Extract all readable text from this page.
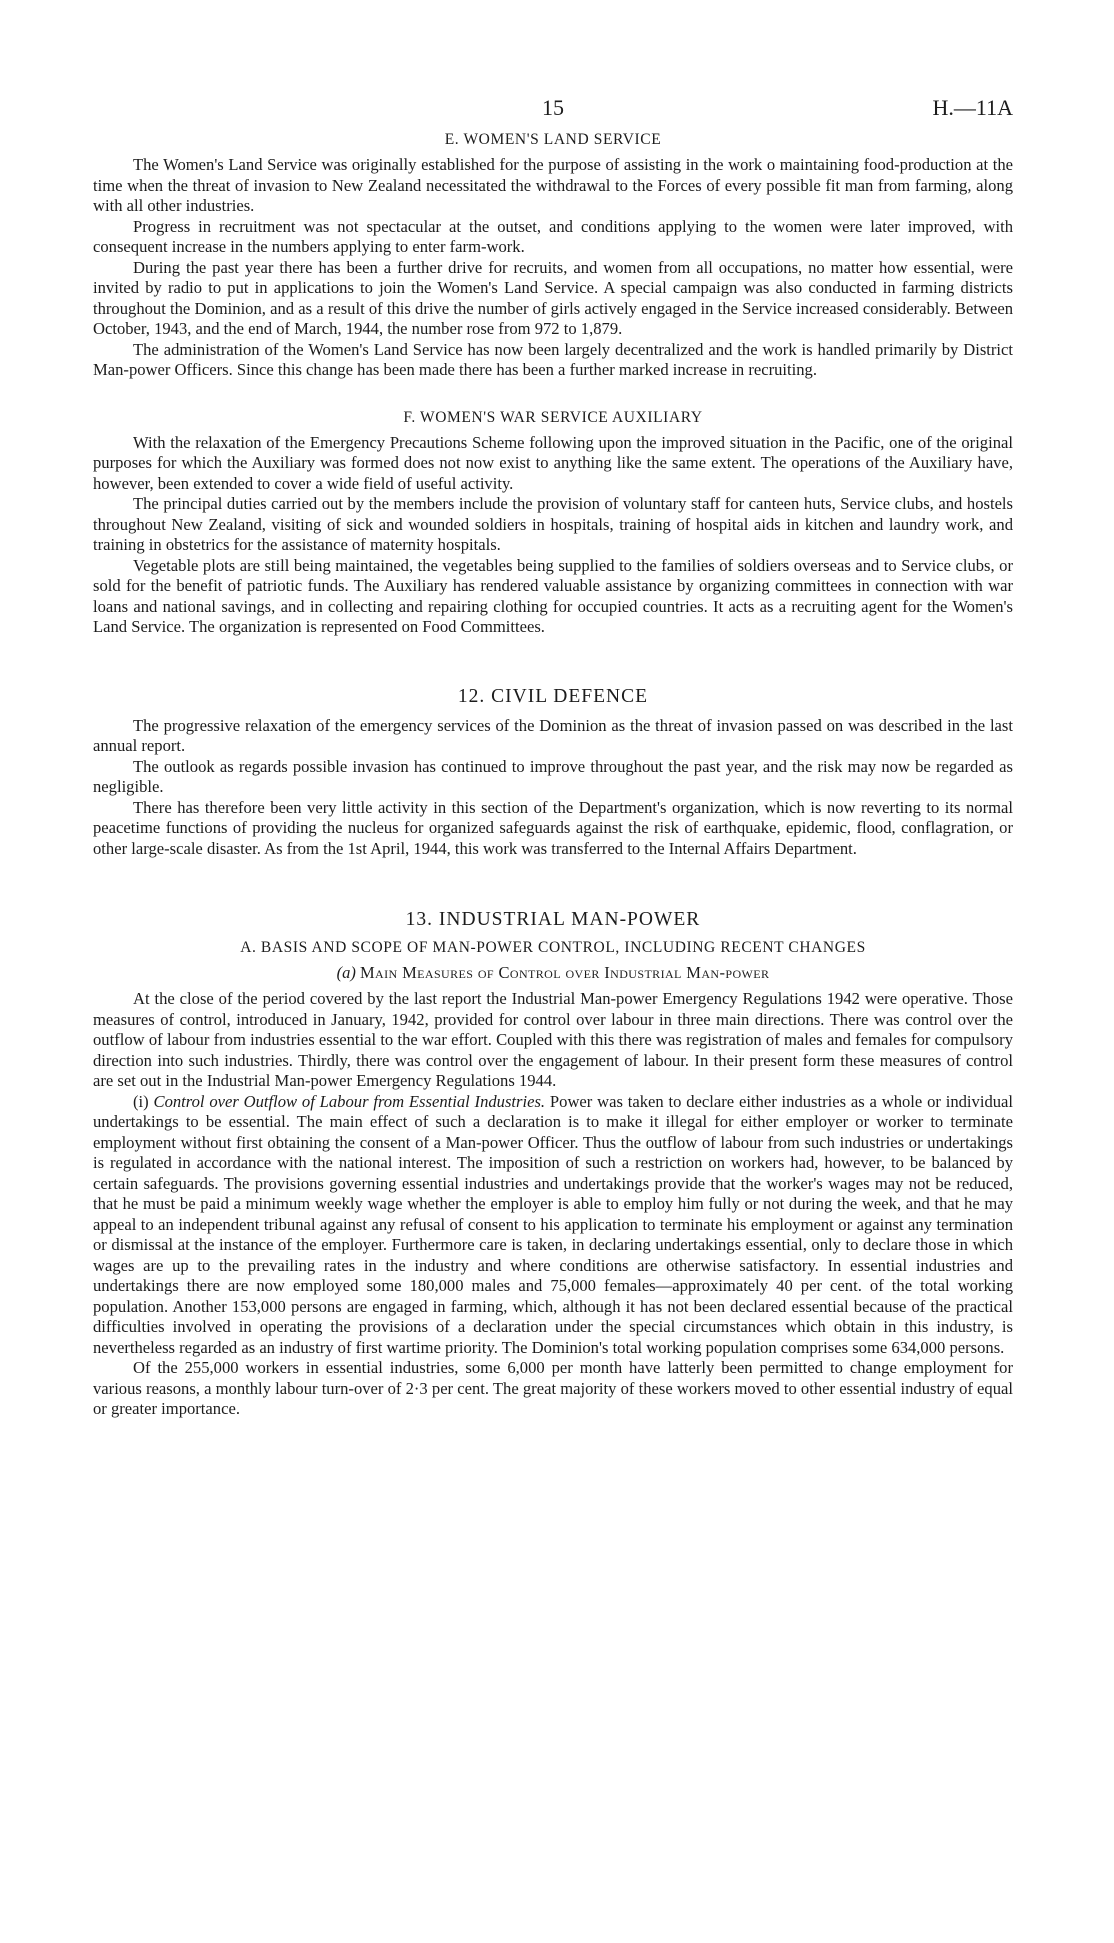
15	H.—11A
E. WOMEN'S LAND SERVICE

The Women's Land Service was originally established for the purpose of assisting in the work o maintaining food-production at the time when the threat of invasion to New Zealand necessitated the withdrawal to the Forces of every possible fit man from farming, along with all other industries.

Progress in recruitment was not spectacular at the outset, and conditions applying to the women were later improved, with consequent increase in the numbers applying to enter farm-work.

During the past year there has been a further drive for recruits, and women from all occupations, no matter how essential, were invited by radio to put in applications to join the Women's Land Service. A special campaign was also conducted in farming districts throughout the Dominion, and as a result of this drive the number of girls actively engaged in the Service increased considerably. Between October, 1943, and the end of March, 1944, the number rose from 972 to 1,879.

The administration of the Women's Land Service has now been largely decentralized and the work is handled primarily by District Man-power Officers. Since this change has been made there has been a further marked increase in recruiting.

F. WOMEN'S WAR SERVICE AUXILIARY

With the relaxation of the Emergency Precautions Scheme following upon the improved situation in the Pacific, one of the original purposes for which the Auxiliary was formed does not now exist to anything like the same extent. The operations of the Auxiliary have, however, been extended to cover a wide field of useful activity.

The principal duties carried out by the members include the provision of voluntary staff for canteen huts, Service clubs, and hostels throughout New Zealand, visiting of sick and wounded soldiers in hospitals, training of hospital aids in kitchen and laundry work, and training in obstetrics for the assistance of maternity hospitals.

Vegetable plots are still being maintained, the vegetables being supplied to the families of soldiers overseas and to Service clubs, or sold for the benefit of patriotic funds. The Auxiliary has rendered valuable assistance by organizing committees in connection with war loans and national savings, and in collecting and repairing clothing for occupied countries. It acts as a recruiting agent for the Women's Land Service. The organization is represented on Food Committees.

12. CIVIL DEFENCE

The progressive relaxation of the emergency services of the Dominion as the threat of invasion passed on was described in the last annual report.

The outlook as regards possible invasion has continued to improve throughout the past year, and the risk may now be regarded as negligible.

There has therefore been very little activity in this section of the Department's organization, which is now reverting to its normal peacetime functions of providing the nucleus for organized safeguards against the risk of earthquake, epidemic, flood, conflagration, or other large-scale disaster. As from the 1st April, 1944, this work was transferred to the Internal Affairs Department.

13. INDUSTRIAL MAN-POWER
A. BASIS AND SCOPE OF MAN-POWER CONTROL, INCLUDING RECENT CHANGES
(a) Main Measures of Control over Industrial Man-power

At the close of the period covered by the last report the Industrial Man-power Emergency Regulations 1942 were operative. Those measures of control, introduced in January, 1942, provided for control over labour in three main directions. There was control over the outflow of labour from industries essential to the war effort. Coupled with this there was registration of males and females for compulsory direction into such industries. Thirdly, there was control over the engagement of labour. In their present form these measures of control are set out in the Industrial Man-power Emergency Regulations 1944.

(i) Control over Outflow of Labour from Essential Industries. Power was taken to declare either industries as a whole or individual undertakings to be essential. The main effect of such a declaration is to make it illegal for either employer or worker to terminate employment without first obtaining the consent of a Man-power Officer. Thus the outflow of labour from such industries or undertakings is regulated in accordance with the national interest. The imposition of such a restriction on workers had, however, to be balanced by certain safeguards. The provisions governing essential industries and undertakings provide that the worker's wages may not be reduced, that he must be paid a minimum weekly wage whether the employer is able to employ him fully or not during the week, and that he may appeal to an independent tribunal against any refusal of consent to his application to terminate his employment or against any termination or dismissal at the instance of the employer. Furthermore care is taken, in declaring undertakings essential, only to declare those in which wages are up to the prevailing rates in the industry and where conditions are otherwise satisfactory. In essential industries and undertakings there are now employed some 180,000 males and 75,000 females—approximately 40 per cent. of the total working population. Another 153,000 persons are engaged in farming, which, although it has not been declared essential because of the practical difficulties involved in operating the provisions of a declaration under the special circumstances which obtain in this industry, is nevertheless regarded as an industry of first wartime priority. The Dominion's total working population comprises some 634,000 persons.

Of the 255,000 workers in essential industries, some 6,000 per month have latterly been permitted to change employment for various reasons, a monthly labour turn-over of 2·3 per cent. The great majority of these workers moved to other essential industry of equal or greater importance.
